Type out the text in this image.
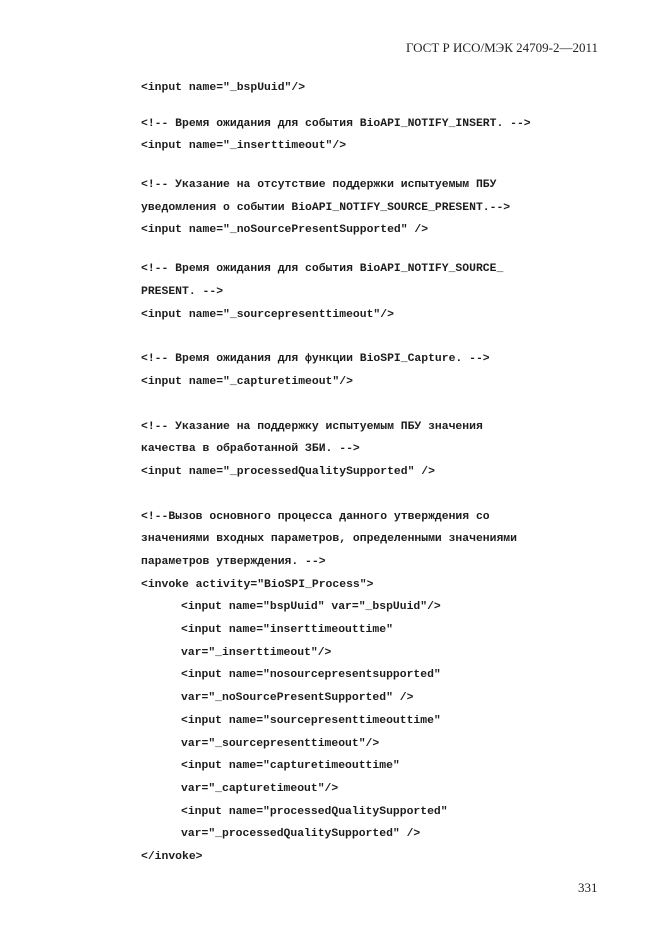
ГОСТ Р ИСО/МЭК 24709-2—2011
<input name="_bspUuid"/>
<!-- Время ожидания для события BioAPI_NOTIFY_INSERT. -->
<input name="_inserttimeout"/>
<!-- Указание на отсутствие поддержки испытуемым ПБУ
уведомления о событии BioAPI_NOTIFY_SOURCE_PRESENT.-->
<input name="_noSourcePresentSupported" />
<!-- Время ожидания для события BioAPI_NOTIFY_SOURCE_
PRESENT. -->
<input name="_sourcepresenttimeout"/>
<!-- Время ожидания для функции BioSPI_Capture. -->
<input name="_capturetimeout"/>
<!-- Указание на поддержку испытуемым ПБУ значения
качества в обработанной ЗБИ. -->
<input name="_processedQualitySupported" />
<!--Вызов основного процесса данного утверждения со
значениями входных параметров, определенными значениями
параметров утверждения. -->
<invoke activity="BioSPI_Process">
<input name="bspUuid" var="_bspUuid"/>
<input name="inserttimeouttime"
var="_inserttimeout"/>
<input name="nosourcepresentsupported"
var="_noSourcePresentSupported" />
<input name="sourcepresenttimeouttime"
var="_sourcepresenttimeout"/>
<input name="capturetimeouttime"
var="_capturetimeout"/>
<input name="processedQualitySupported"
var="_processedQualitySupported" />
</invoke>
331
